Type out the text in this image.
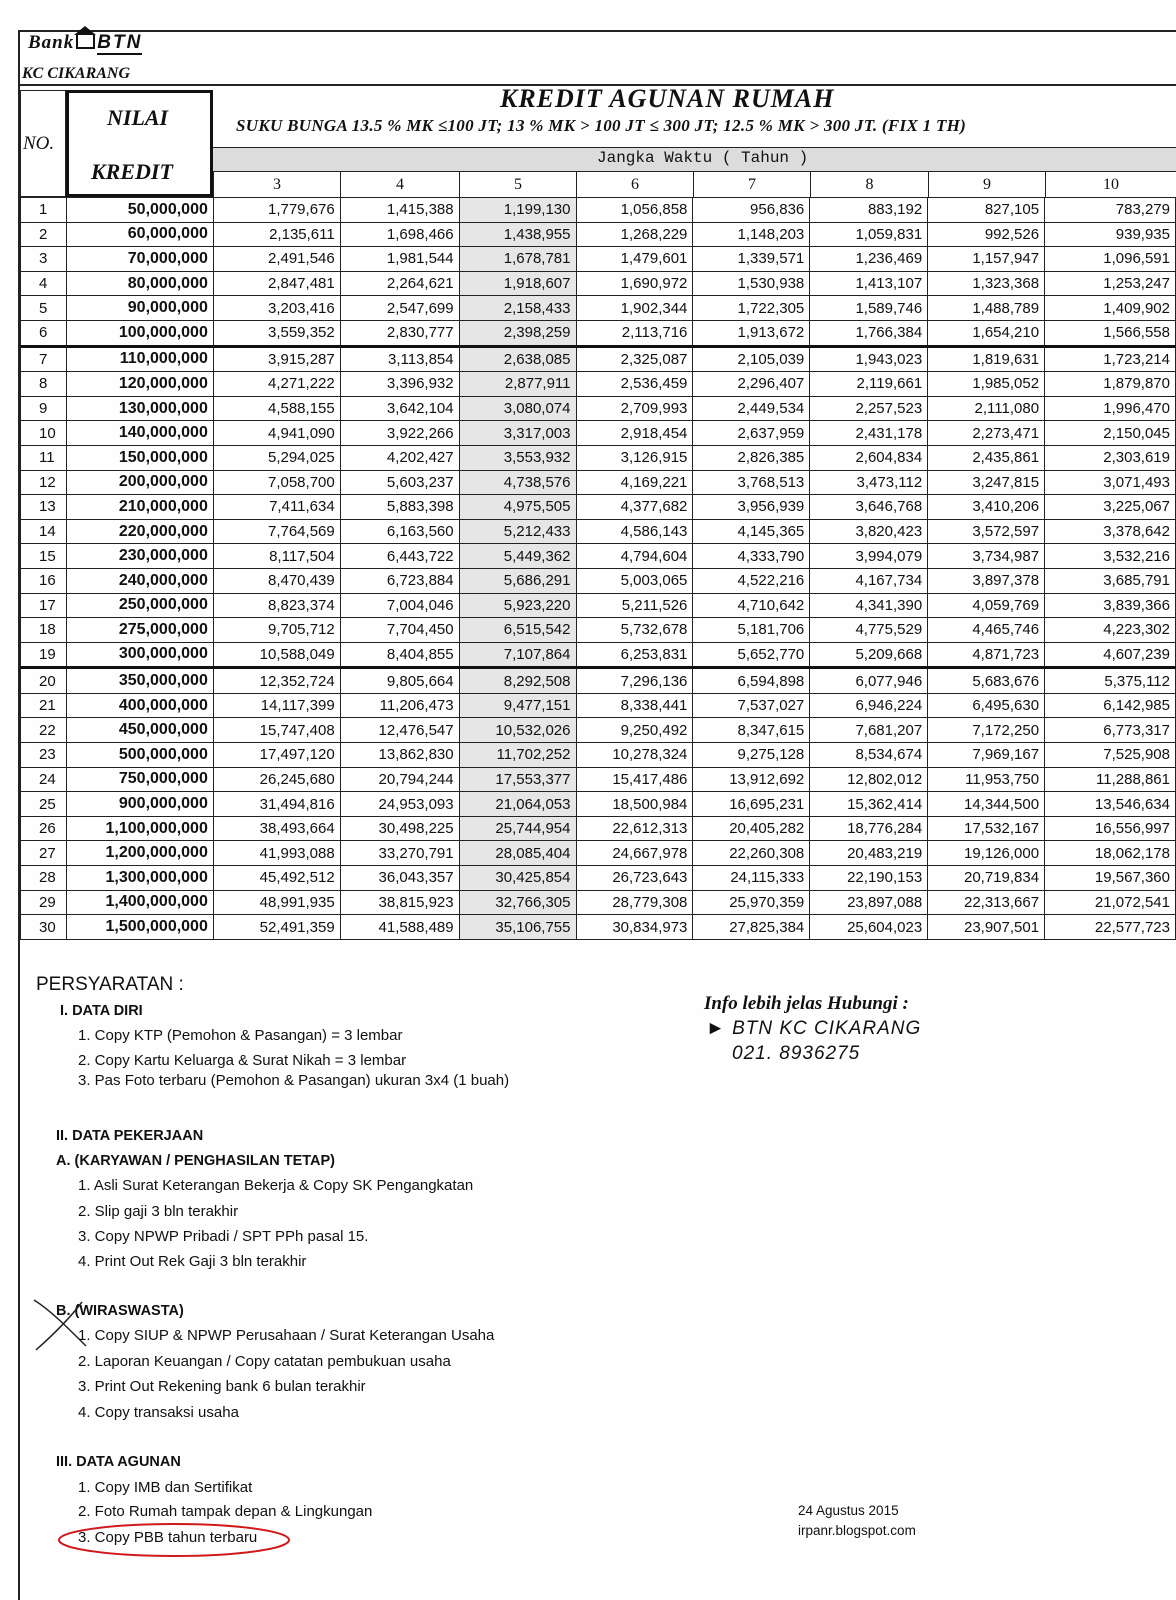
Bank BTN
KC CIKARANG
NO.
NILAI
KREDIT
KREDIT AGUNAN RUMAH
SUKU BUNGA 13.5 % MK ≤100 JT; 13 % MK > 100 JT ≤ 300 JT; 12.5 % MK > 300 JT. (FIX 1 TH)
Jangka Waktu ( Tahun )
3	4	5	6	7	8	9	10
1	50,000,000	1,779,676	1,415,388	1,199,130	1,056,858	956,836	883,192	827,105	783,279
2	60,000,000	2,135,611	1,698,466	1,438,955	1,268,229	1,148,203	1,059,831	992,526	939,935
3	70,000,000	2,491,546	1,981,544	1,678,781	1,479,601	1,339,571	1,236,469	1,157,947	1,096,591
4	80,000,000	2,847,481	2,264,621	1,918,607	1,690,972	1,530,938	1,413,107	1,323,368	1,253,247
5	90,000,000	3,203,416	2,547,699	2,158,433	1,902,344	1,722,305	1,589,746	1,488,789	1,409,902
6	100,000,000	3,559,352	2,830,777	2,398,259	2,113,716	1,913,672	1,766,384	1,654,210	1,566,558
7	110,000,000	3,915,287	3,113,854	2,638,085	2,325,087	2,105,039	1,943,023	1,819,631	1,723,214
8	120,000,000	4,271,222	3,396,932	2,877,911	2,536,459	2,296,407	2,119,661	1,985,052	1,879,870
9	130,000,000	4,588,155	3,642,104	3,080,074	2,709,993	2,449,534	2,257,523	2,111,080	1,996,470
10	140,000,000	4,941,090	3,922,266	3,317,003	2,918,454	2,637,959	2,431,178	2,273,471	2,150,045
11	150,000,000	5,294,025	4,202,427	3,553,932	3,126,915	2,826,385	2,604,834	2,435,861	2,303,619
12	200,000,000	7,058,700	5,603,237	4,738,576	4,169,221	3,768,513	3,473,112	3,247,815	3,071,493
13	210,000,000	7,411,634	5,883,398	4,975,505	4,377,682	3,956,939	3,646,768	3,410,206	3,225,067
14	220,000,000	7,764,569	6,163,560	5,212,433	4,586,143	4,145,365	3,820,423	3,572,597	3,378,642
15	230,000,000	8,117,504	6,443,722	5,449,362	4,794,604	4,333,790	3,994,079	3,734,987	3,532,216
16	240,000,000	8,470,439	6,723,884	5,686,291	5,003,065	4,522,216	4,167,734	3,897,378	3,685,791
17	250,000,000	8,823,374	7,004,046	5,923,220	5,211,526	4,710,642	4,341,390	4,059,769	3,839,366
18	275,000,000	9,705,712	7,704,450	6,515,542	5,732,678	5,181,706	4,775,529	4,465,746	4,223,302
19	300,000,000	10,588,049	8,404,855	7,107,864	6,253,831	5,652,770	5,209,668	4,871,723	4,607,239
20	350,000,000	12,352,724	9,805,664	8,292,508	7,296,136	6,594,898	6,077,946	5,683,676	5,375,112
21	400,000,000	14,117,399	11,206,473	9,477,151	8,338,441	7,537,027	6,946,224	6,495,630	6,142,985
22	450,000,000	15,747,408	12,476,547	10,532,026	9,250,492	8,347,615	7,681,207	7,172,250	6,773,317
23	500,000,000	17,497,120	13,862,830	11,702,252	10,278,324	9,275,128	8,534,674	7,969,167	7,525,908
24	750,000,000	26,245,680	20,794,244	17,553,377	15,417,486	13,912,692	12,802,012	11,953,750	11,288,861
25	900,000,000	31,494,816	24,953,093	21,064,053	18,500,984	16,695,231	15,362,414	14,344,500	13,546,634
26	1,100,000,000	38,493,664	30,498,225	25,744,954	22,612,313	20,405,282	18,776,284	17,532,167	16,556,997
27	1,200,000,000	41,993,088	33,270,791	28,085,404	24,667,978	22,260,308	20,483,219	19,126,000	18,062,178
28	1,300,000,000	45,492,512	36,043,357	30,425,854	26,723,643	24,115,333	22,190,153	20,719,834	19,567,360
29	1,400,000,000	48,991,935	38,815,923	32,766,305	28,779,308	25,970,359	23,897,088	22,313,667	21,072,541
30	1,500,000,000	52,491,359	41,588,489	35,106,755	30,834,973	27,825,384	25,604,023	23,907,501	22,577,723
PERSYARATAN :
I. DATA DIRI
1. Copy KTP (Pemohon & Pasangan) = 3 lembar
2. Copy Kartu Keluarga & Surat Nikah = 3 lembar
3. Pas Foto terbaru (Pemohon & Pasangan) ukuran 3x4 (1 buah)
II. DATA PEKERJAAN
A. (KARYAWAN / PENGHASILAN TETAP)
1. Asli Surat Keterangan Bekerja & Copy SK Pengangkatan
2. Slip gaji 3 bln terakhir
3. Copy NPWP Pribadi / SPT PPh pasal 15.
4. Print Out Rek Gaji 3 bln terakhir
B. (WIRASWASTA)
1. Copy SIUP & NPWP Perusahaan / Surat Keterangan Usaha
2. Laporan Keuangan / Copy catatan pembukuan usaha
3. Print Out Rekening bank 6 bulan terakhir
4. Copy transaksi usaha
III. DATA AGUNAN
1. Copy IMB dan Sertifikat
2. Foto Rumah tampak depan & Lingkungan
3. Copy PBB tahun terbaru
Info lebih jelas Hubungi :
► BTN KC CIKARANG
021. 8936275
24 Agustus 2015
irpanr.blogspot.com
